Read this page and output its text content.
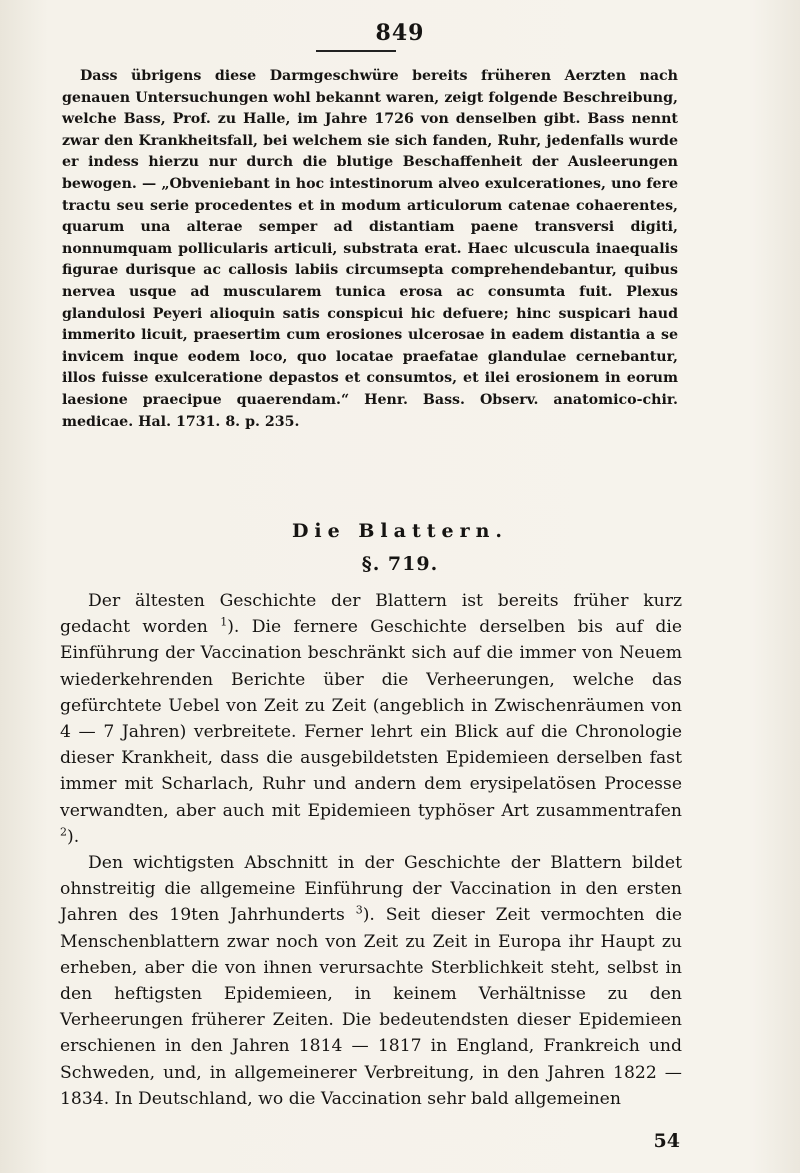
849

Dass übrigens diese Darmgeschwüre bereits früheren Aerzten nach genauen Untersuchungen wohl bekannt waren, zeigt folgende Beschreibung, welche Bass, Prof. zu Halle, im Jahre 1726 von denselben gibt. Bass nennt zwar den Krankheitsfall, bei welchem sie sich fanden, Ruhr, jedenfalls wurde er indess hierzu nur durch die blutige Beschaffenheit der Ausleerungen bewogen. — „Obveniebant in hoc intestinorum alveo exulcerationes, uno fere tractu seu serie procedentes et in modum articulorum catenae cohaerentes, quarum una alterae semper ad distantiam paene transversi digiti, nonnumquam pollicularis articuli, substrata erat. Haec ulcuscula inaequalis figurae durisque ac callosis labiis circumsepta comprehendebantur, quibus nervea usque ad muscularem tunica erosa ac consumta fuit. Plexus glandulosi Peyeri alioquin satis conspicui hic defuere; hinc suspicari haud immerito licuit, praesertim cum erosiones ulcerosae in eadem distantia a se invicem inque eodem loco, quo locatae praefatae glandulae cernebantur, illos fuisse exulceratione depastos et consumtos, et ilei erosionem in eorum laesione praecipue quaerendam.“ Henr. Bass. Observ. anatomico-chir. medicae. Hal. 1731. 8. p. 235.

Die Blattern.
§. 719.

Der ältesten Geschichte der Blattern ist bereits früher kurz gedacht worden $^1$). Die fernere Geschichte derselben bis auf die Einführung der Vaccination beschränkt sich auf die immer von Neuem wiederkehrenden Berichte über die Verheerungen, welche das gefürchtete Uebel von Zeit zu Zeit (angeblich in Zwischenräumen von 4 — 7 Jahren) verbreitete. Ferner lehrt ein Blick auf die Chronologie dieser Krankheit, dass die ausgebildetsten Epidemieen derselben fast immer mit Scharlach, Ruhr und andern dem erysipelatösen Processe verwandten, aber auch mit Epidemieen typhöser Art zusammentrafen $^2$).

Den wichtigsten Abschnitt in der Geschichte der Blattern bildet ohnstreitig die allgemeine Einführung der Vaccination in den ersten Jahren des 19ten Jahrhunderts $^3$). Seit dieser Zeit vermochten die Menschenblattern zwar noch von Zeit zu Zeit in Europa ihr Haupt zu erheben, aber die von ihnen verursachte Sterblichkeit steht, selbst in den heftigsten Epidemieen, in keinem Verhältnisse zu den Verheerungen früherer Zeiten. Die bedeutendsten dieser Epidemieen erschienen in den Jahren 1814 — 1817 in England, Frankreich und Schweden, und, in allgemeinerer Verbreitung, in den Jahren 1822 — 1834. In Deutschland, wo die Vaccination sehr bald allgemeinen

54
